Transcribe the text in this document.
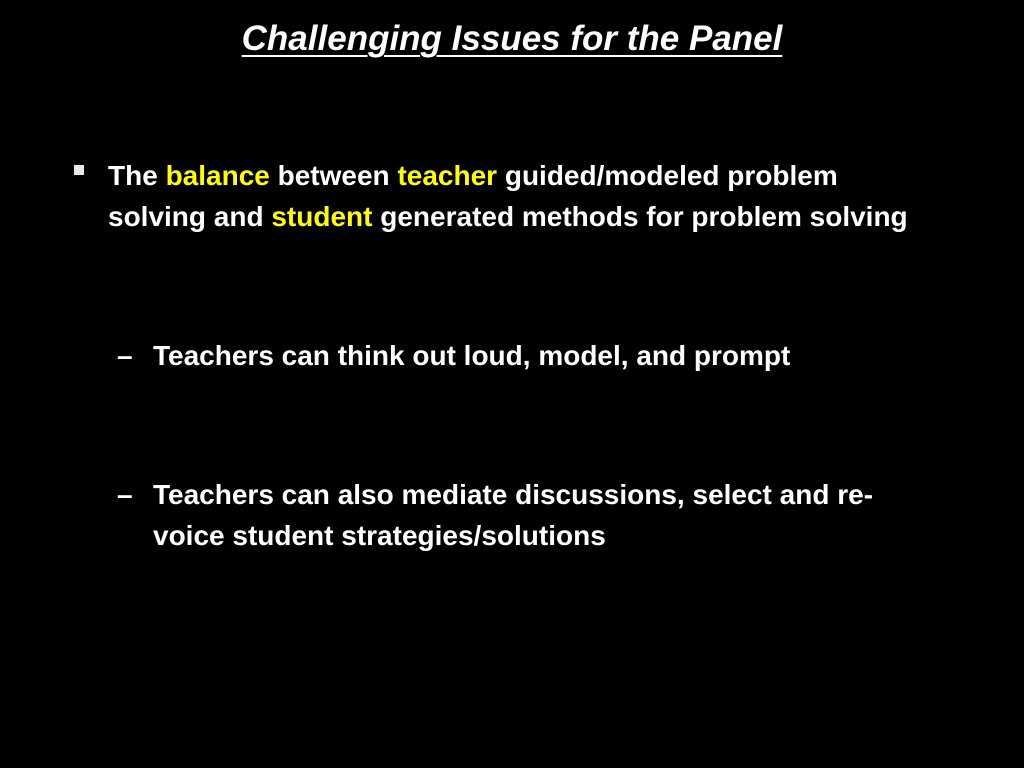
Challenging Issues for the Panel
The balance between teacher guided/modeled problem solving and student generated methods for problem solving
– Teachers can think out loud, model, and prompt
– Teachers can also mediate discussions, select and re-voice student strategies/solutions
